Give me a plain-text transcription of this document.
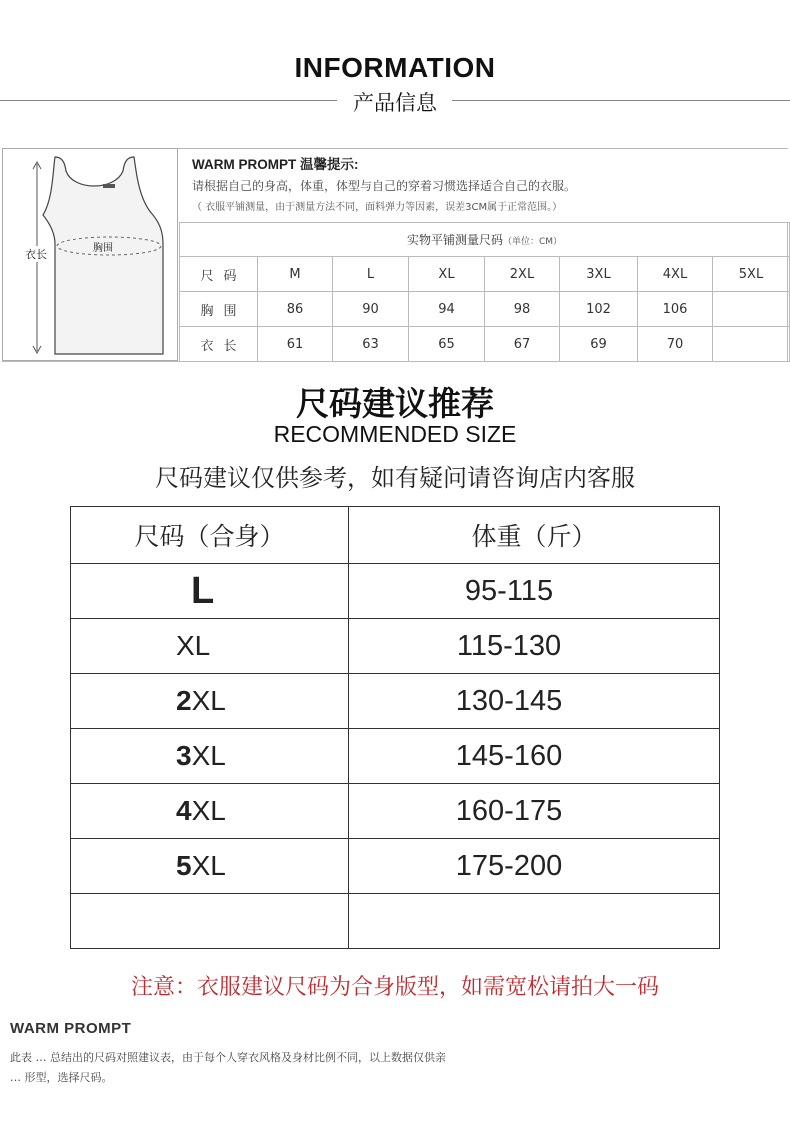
INFORMATION
产品信息
衣长	胸围
WARM PROMPT 温馨提示:
请根据自己的身高，体重，体型与自己的穿着习惯选择适合自己的衣服。
（ 衣服平铺测量，由于测量方法不同，面料弹力等因素，误差3CM属于正常范围。）
实物平铺测量尺码（单位：CM）							
尺码	M	L	XL	2XL	3XL	4XL	5XL
胸围	86	90	94	98	102	106	
衣长	61	63	65	67	69	70	
尺码建议推荐
RECOMMENDED SIZE
尺码建议仅供参考，如有疑问请咨询店内客服
尺码（合身）	体重（斤）
L	95-115
XL	115-130
2XL	130-145
3XL	145-160
4XL	160-175
5XL	175-200

注意：衣服建议尺码为合身版型，如需宽松请拍大一码
WARM PROMPT
此表 … 总结出的尺码对照建议表，由于每个人穿衣风格及身材比例不同，以上数据仅供亲
… 形型，选择尺码。
